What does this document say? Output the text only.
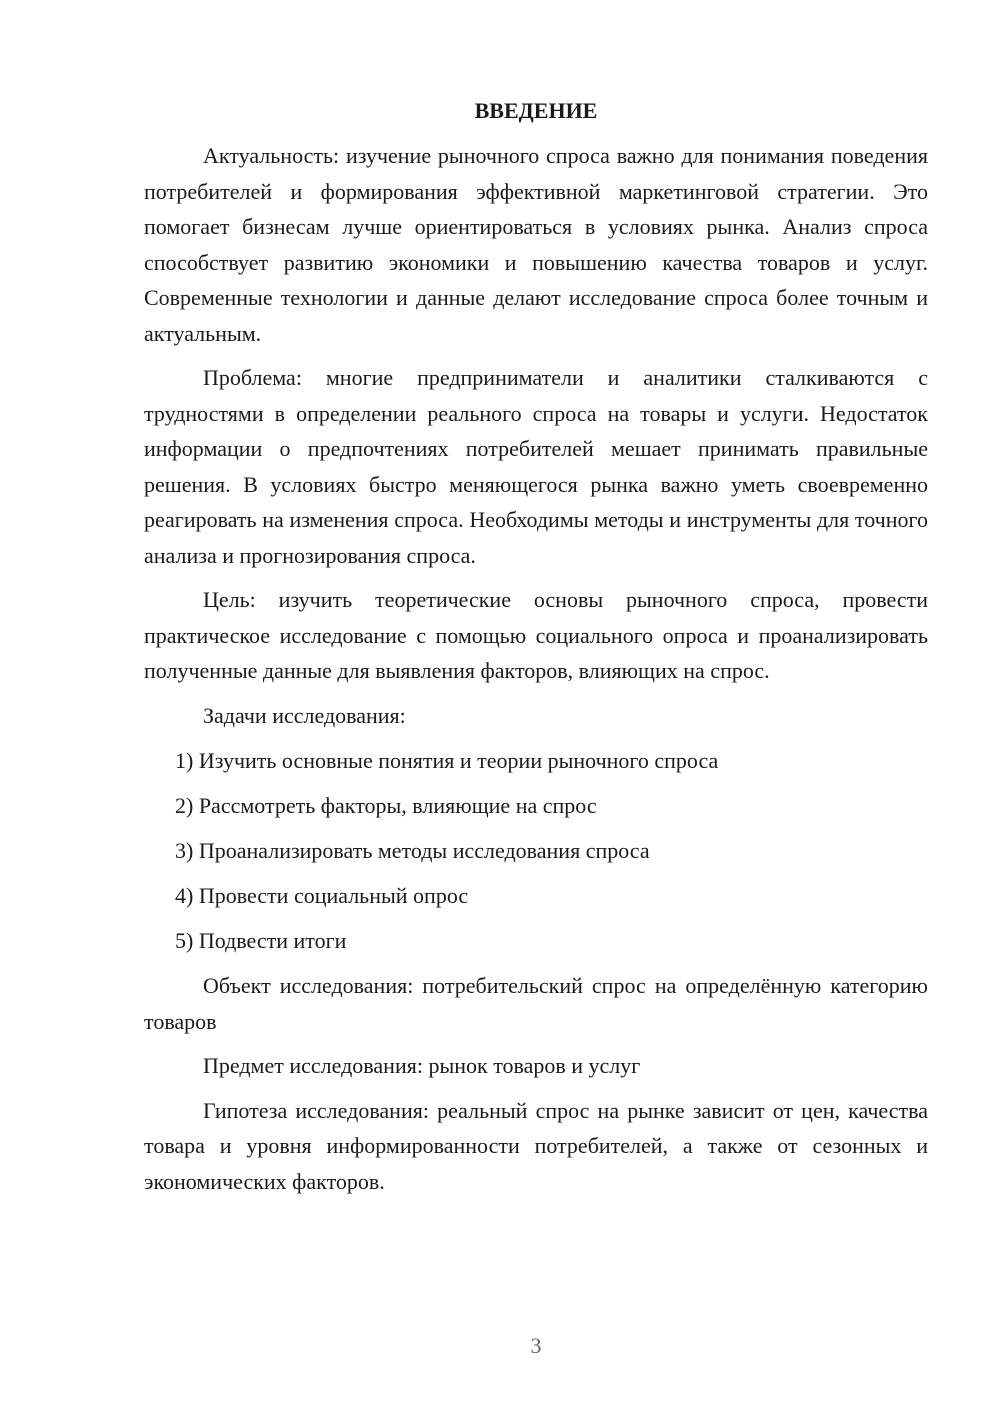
ВВЕДЕНИЕ

Актуальность: изучение рыночного спроса важно для понимания поведения потребителей и формирования эффективной маркетинговой стратегии. Это помогает бизнесам лучше ориентироваться в условиях рынка. Анализ спроса способствует развитию экономики и повышению качества товаров и услуг. Современные технологии и данные делают исследование спроса более точным и актуальным.

Проблема: многие предприниматели и аналитики сталкиваются с трудностями в определении реального спроса на товары и услуги. Недостаток информации о предпочтениях потребителей мешает принимать правильные решения. В условиях быстро меняющегося рынка важно уметь своевременно реагировать на изменения спроса. Необходимы методы и инструменты для точного анализа и прогнозирования спроса.

Цель: изучить теоретические основы рыночного спроса, провести практическое исследование с помощью социального опроса и проанализировать полученные данные для выявления факторов, влияющих на спрос.

Задачи исследования:

1) Изучить основные понятия и теории рыночного спроса
2) Рассмотреть факторы, влияющие на спрос
3) Проанализировать методы исследования спроса
4) Провести социальный опрос
5) Подвести итоги

Объект исследования: потребительский спрос на определённую категорию товаров

Предмет исследования: рынок товаров и услуг

Гипотеза исследования: реальный спрос на рынке зависит от цен, качества товара и уровня информированности потребителей, а также от сезонных и экономических факторов.

3
